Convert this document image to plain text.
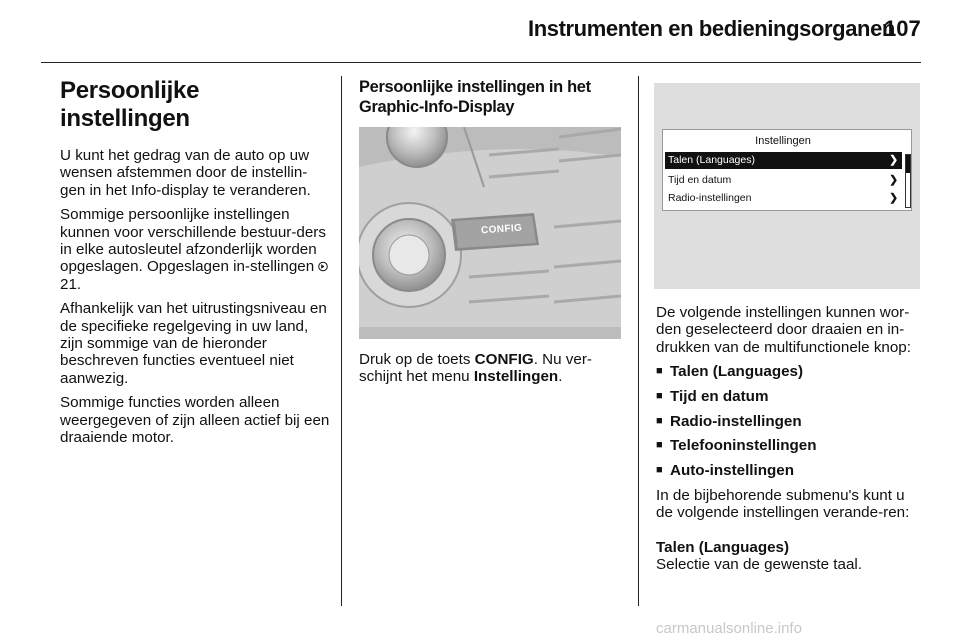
Instrumenten en bedieningsorganen
107
Persoonlijke
instellingen

U kunt het gedrag van de auto op uw wensen afstemmen door de instellin-gen in het Info-display te veranderen.

Sommige persoonlijke instellingen kunnen voor verschillende bestuur-ders in elke autosleutel afzonderlijk worden opgeslagen. Opgeslagen in-stellingen  21.

Afhankelijk van het uitrustingsniveau en de specifieke regelgeving in uw land, zijn sommige van de hieronder beschreven functies eventueel niet aanwezig.

Sommige functies worden alleen weergegeven of zijn alleen actief bij een draaiende motor.

Persoonlijke instellingen in het Graphic-Info-Display
CONFIG

Druk op de toets CONFIG. Nu ver-schijnt het menu Instellingen.

Instellingen
Talen (Languages)	❯
Tijd en datum	❯
Radio-instellingen	❯

De volgende instellingen kunnen wor-den geselecteerd door draaien en in-drukken van de multifunctionele knop:

■ Talen (Languages)
■ Tijd en datum
■ Radio-instellingen
■ Telefooninstellingen
■ Auto-instellingen

In de bijbehorende submenu's kunt u de volgende instellingen verande-ren:

Talen (Languages)
Selectie van de gewenste taal.
carmanualsonline.info
